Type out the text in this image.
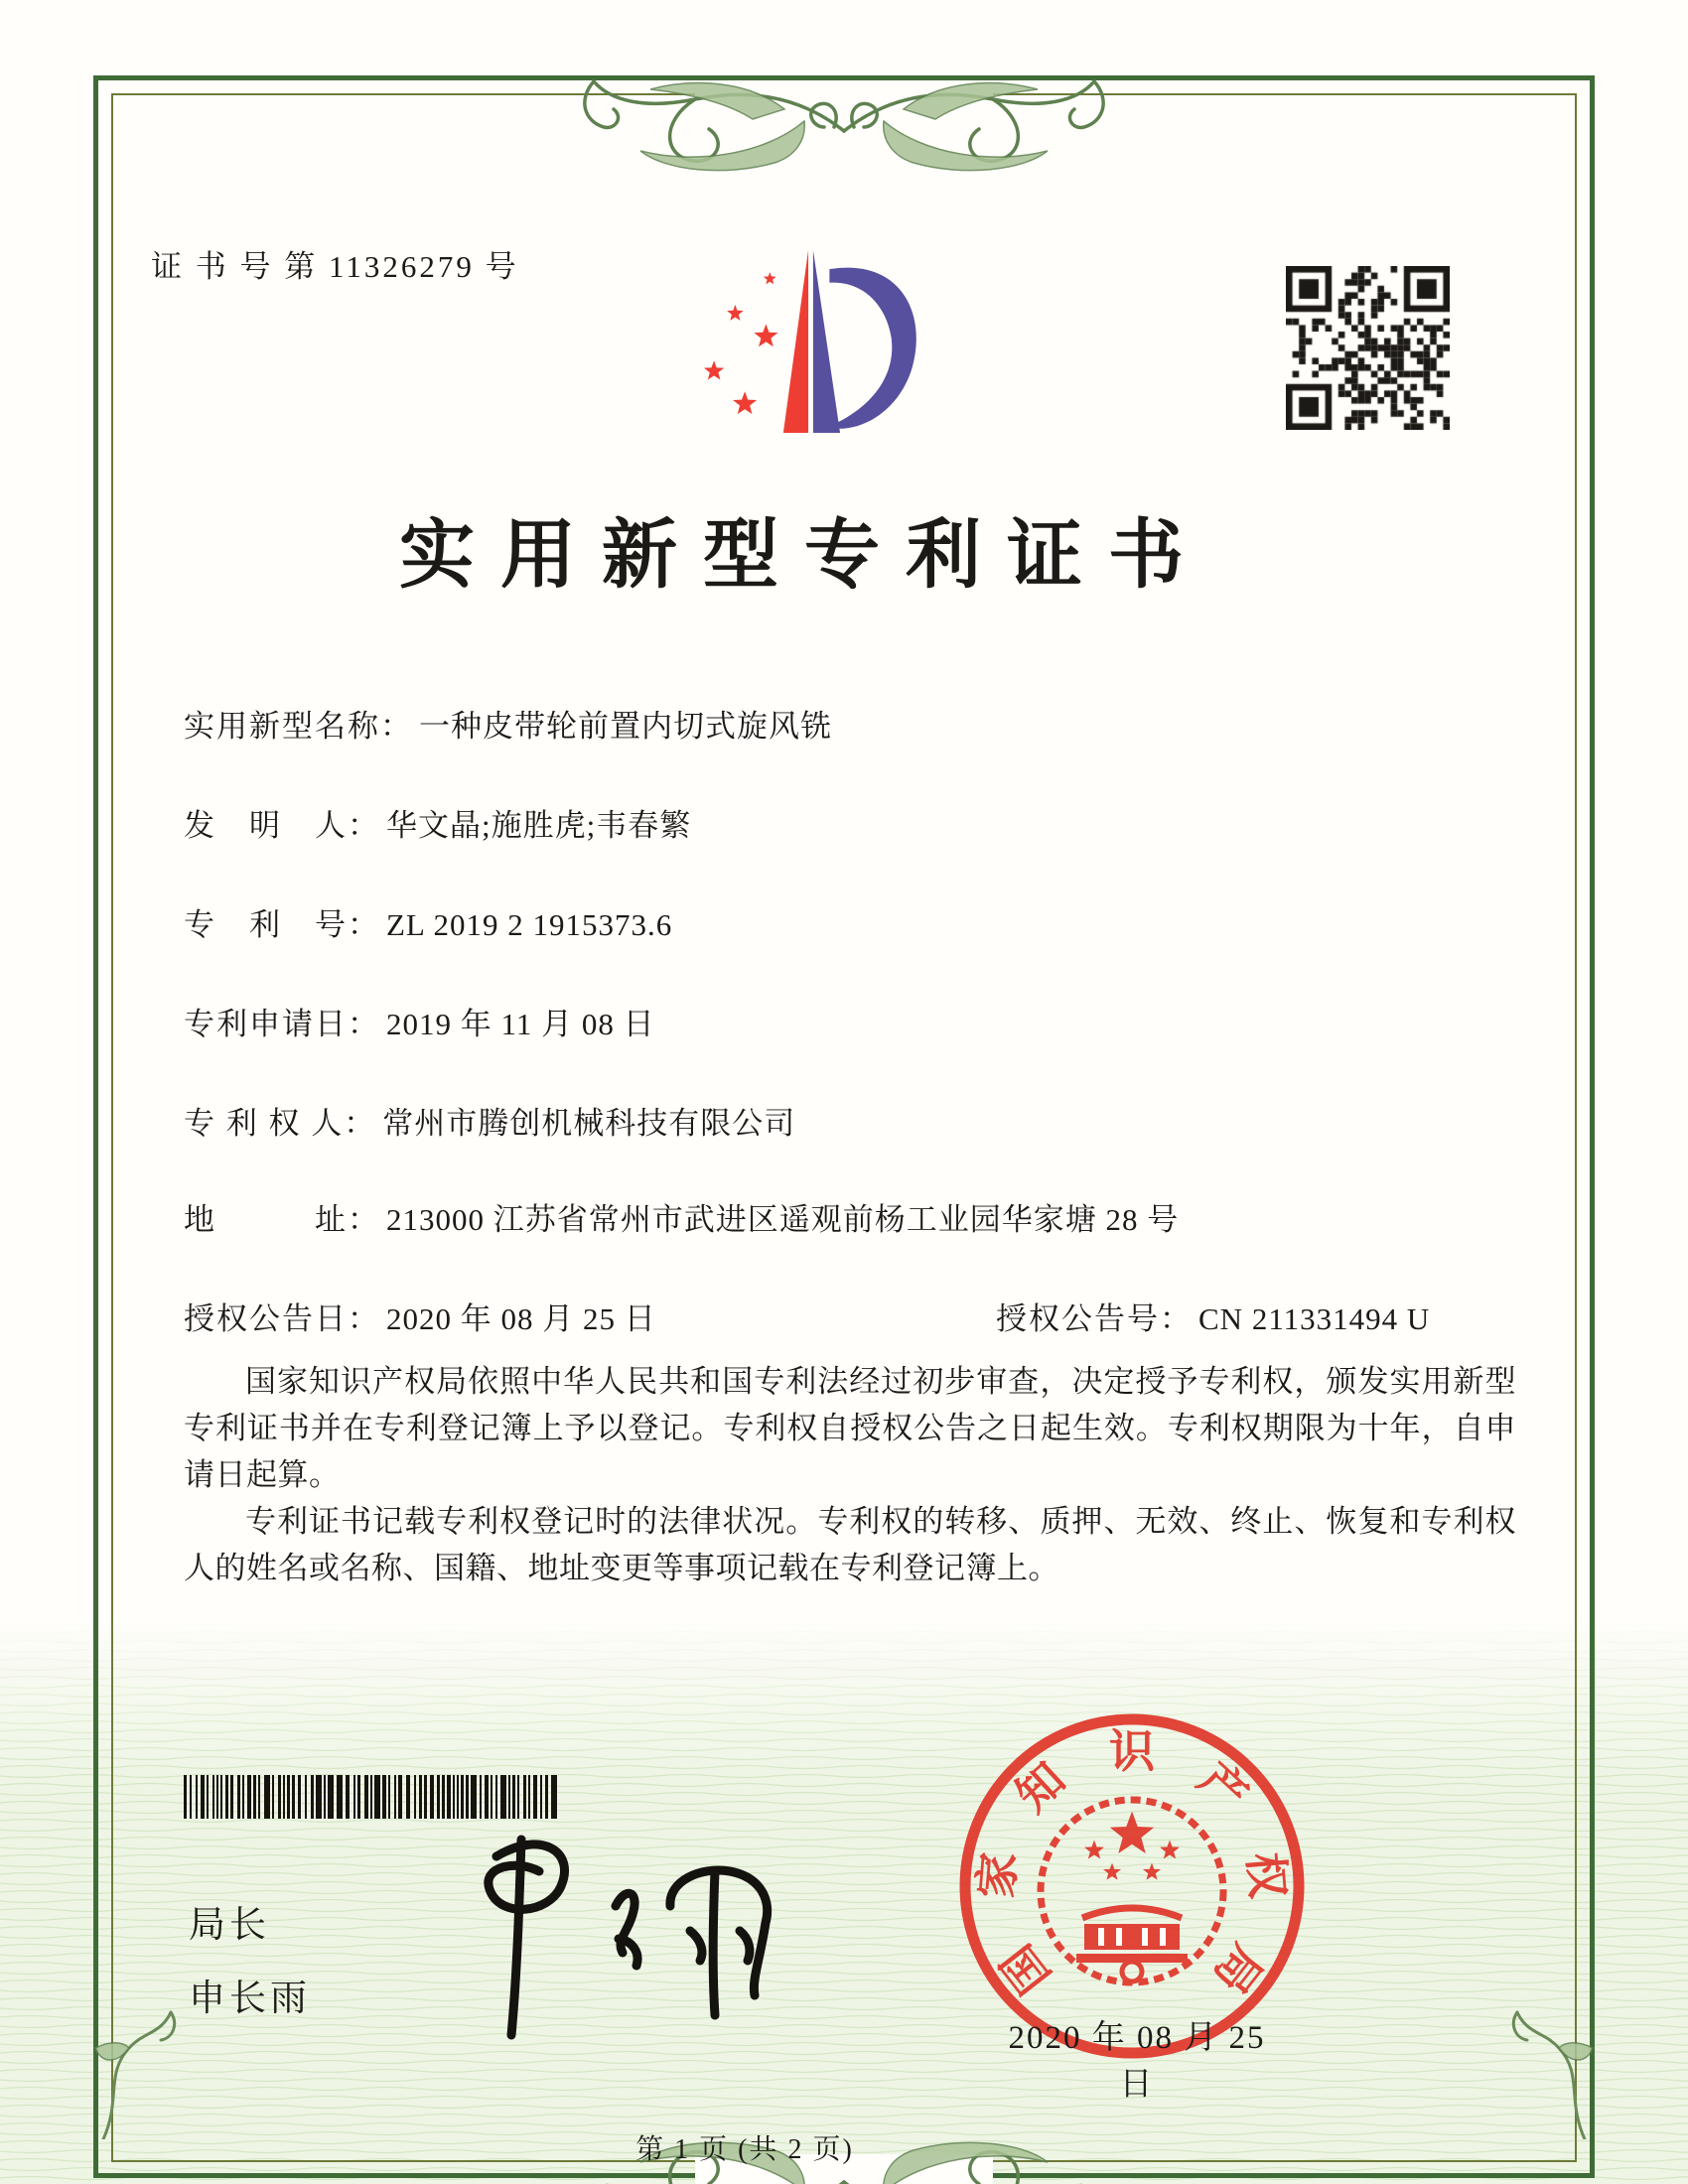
证 书 号 第 11326279 号
实用新型专利证书
实用新型名称： 一种皮带轮前置内切式旋风铣
发　明　人： 华文晶;施胜虎;韦春繁
专　利　号： ZL 2019 2 1915373.6
专利申请日： 2019 年 11 月 08 日
专 利 权 人： 常州市腾创机械科技有限公司
地　　　址： 213000 江苏省常州市武进区遥观前杨工业园华家塘 28 号
授权公告日： 2020 年 08 月 25 日	授权公告号： CN 211331494 U

国家知识产权局依照中华人民共和国专利法经过初步审查，决定授予专利权，颁发实用新型专利证书并在专利登记簿上予以登记。专利权自授权公告之日起生效。专利权期限为十年，自申请日起算。

专利证书记载专利权登记时的法律状况。专利权的转移、质押、无效、终止、恢复和专利权人的姓名或名称、国籍、地址变更等事项记载在专利登记簿上。

局长
申长雨	国
家
知
识
产
权
局
2020 年 08 月 25 日
第 1 页 (共 2 页)
